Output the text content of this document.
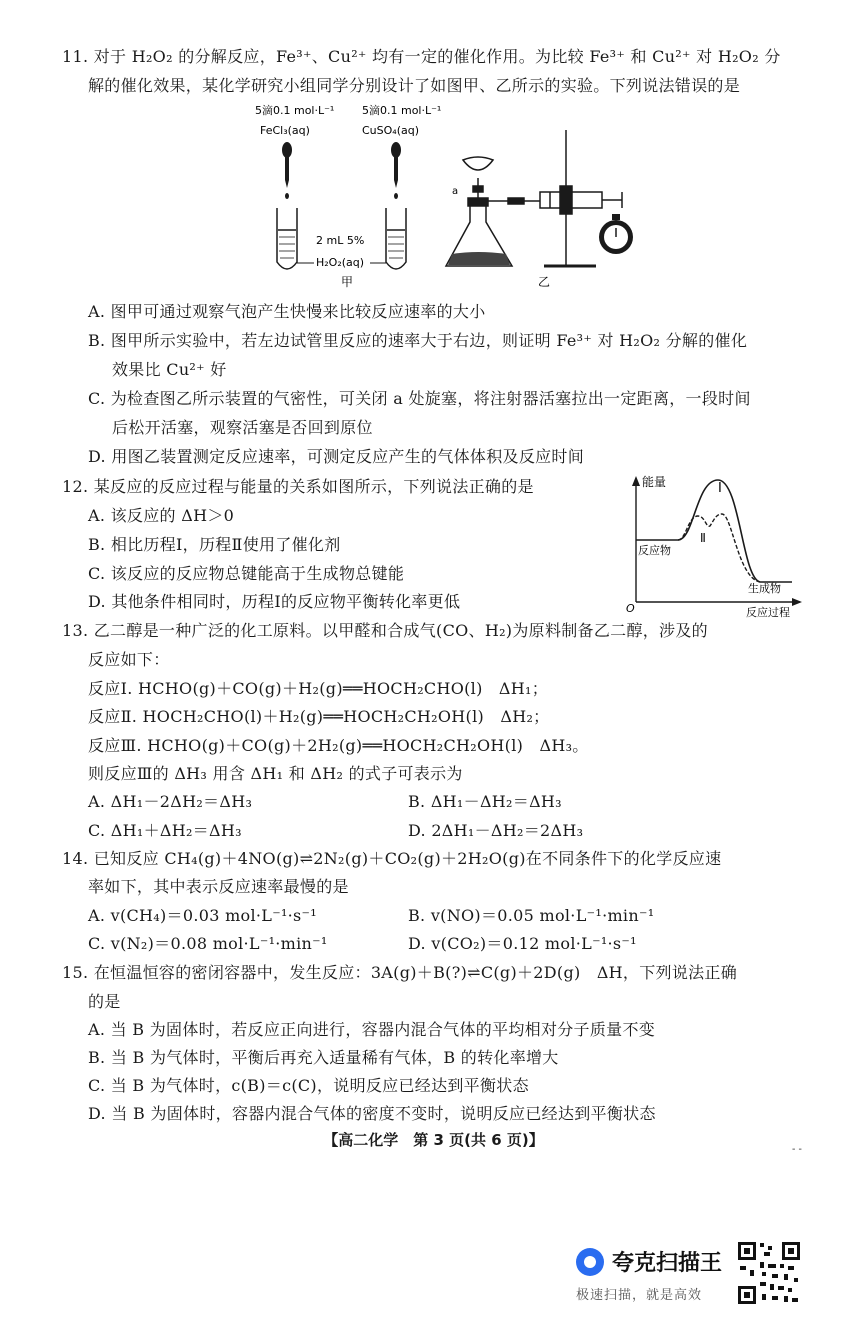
11. 对于 H₂O₂ 的分解反应，Fe³⁺、Cu²⁺ 均有一定的催化作用。为比较 Fe³⁺ 和 Cu²⁺ 对 H₂O₂ 分
解的催化效果，某化学研究小组同学分别设计了如图甲、乙所示的实验。下列说法错误的是
5滴0.1 mol·L⁻¹
FeCl₃(aq)
5滴0.1 mol·L⁻¹
CuSO₄(aq)
2 mL 5%
H₂O₂(aq)
甲
a
乙
A. 图甲可通过观察气泡产生快慢来比较反应速率的大小
B. 图甲所示实验中，若左边试管里反应的速率大于右边，则证明 Fe³⁺ 对 H₂O₂ 分解的催化
效果比 Cu²⁺ 好
C. 为检查图乙所示装置的气密性，可关闭 a 处旋塞，将注射器活塞拉出一定距离，一段时间
后松开活塞，观察活塞是否回到原位
D. 用图乙装置测定反应速率，可测定反应产生的气体体积及反应时间
12. 某反应的反应过程与能量的关系如图所示，下列说法正确的是
A. 该反应的 ΔH＞0
B. 相比历程Ⅰ，历程Ⅱ使用了催化剂
C. 该反应的反应物总键能高于生成物总键能
D. 其他条件相同时，历程Ⅰ的反应物平衡转化率更低
能量	Ⅰ
Ⅱ
反应物
生成物
O	反应过程
13. 乙二醇是一种广泛的化工原料。以甲醛和合成气(CO、H₂)为原料制备乙二醇，涉及的
反应如下：
反应Ⅰ. HCHO(g)＋CO(g)＋H₂(g)══HOCH₂CHO(l)　ΔH₁；
反应Ⅱ. HOCH₂CHO(l)＋H₂(g)══HOCH₂CH₂OH(l)　ΔH₂；
反应Ⅲ. HCHO(g)＋CO(g)＋2H₂(g)══HOCH₂CH₂OH(l)　ΔH₃。
则反应Ⅲ的 ΔH₃ 用含 ΔH₁ 和 ΔH₂ 的式子可表示为
A. ΔH₁－2ΔH₂＝ΔH₃	B. ΔH₁－ΔH₂＝ΔH₃
C. ΔH₁＋ΔH₂＝ΔH₃	D. 2ΔH₁－ΔH₂＝2ΔH₃
14. 已知反应 CH₄(g)＋4NO(g)⇌2N₂(g)＋CO₂(g)＋2H₂O(g)在不同条件下的化学反应速
率如下，其中表示反应速率最慢的是
A. v(CH₄)＝0.03 mol·L⁻¹·s⁻¹	B. v(NO)＝0.05 mol·L⁻¹·min⁻¹
C. v(N₂)＝0.08 mol·L⁻¹·min⁻¹	D. v(CO₂)＝0.12 mol·L⁻¹·s⁻¹
15. 在恒温恒容的密闭容器中，发生反应：3A(g)＋B(?)⇌C(g)＋2D(g)　ΔH，下列说法正确
的是
A. 当 B 为固体时，若反应正向进行，容器内混合气体的平均相对分子质量不变
B. 当 B 为气体时，平衡后再充入适量稀有气体，B 的转化率增大
C. 当 B 为气体时，c(B)＝c(C)，说明反应已经达到平衡状态
D. 当 B 为固体时，容器内混合气体的密度不变时，说明反应已经达到平衡状态
【高二化学　第 3 页(共 6 页)】
- -
夸克扫描王
极速扫描，就是高效
